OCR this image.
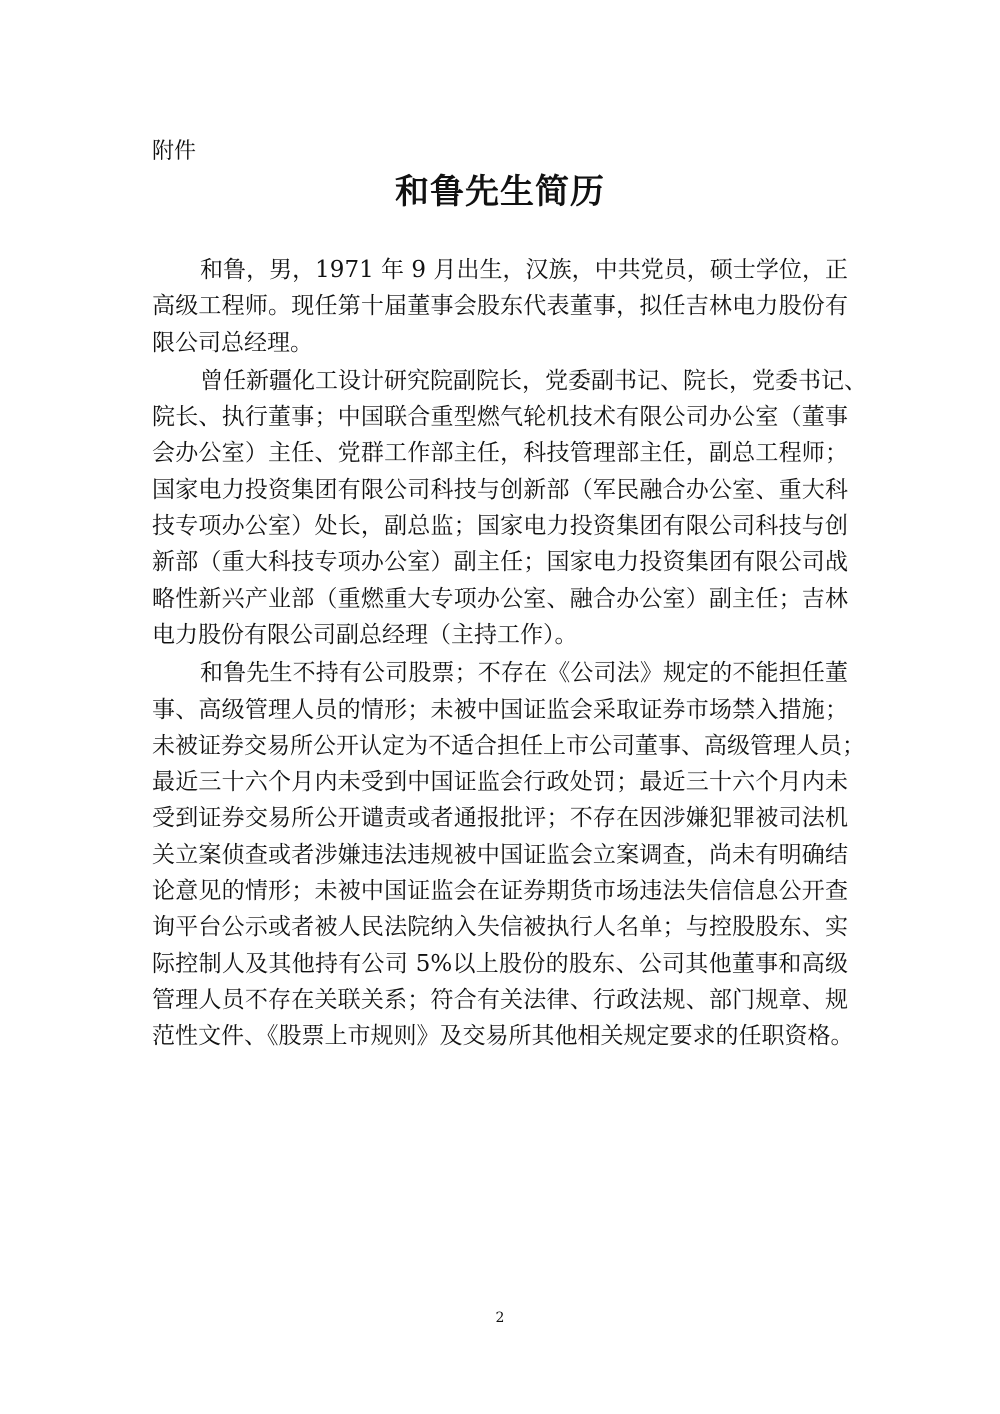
附件
和鲁先生简历
和鲁，男，1971 年 9 月出生，汉族，中共党员，硕士学位，正
高级工程师。现任第十届董事会股东代表董事，拟任吉林电力股份有
限公司总经理。
曾任新疆化工设计研究院副院长，党委副书记、院长，党委书记、
院长、执行董事；中国联合重型燃气轮机技术有限公司办公室（董事
会办公室）主任、党群工作部主任，科技管理部主任，副总工程师；
国家电力投资集团有限公司科技与创新部（军民融合办公室、重大科
技专项办公室）处长，副总监；国家电力投资集团有限公司科技与创
新部（重大科技专项办公室）副主任；国家电力投资集团有限公司战
略性新兴产业部（重燃重大专项办公室、融合办公室）副主任；吉林
电力股份有限公司副总经理（主持工作）。
和鲁先生不持有公司股票；不存在《公司法》规定的不能担任董
事、高级管理人员的情形；未被中国证监会采取证券市场禁入措施；
未被证券交易所公开认定为不适合担任上市公司董事、高级管理人员；
最近三十六个月内未受到中国证监会行政处罚；最近三十六个月内未
受到证券交易所公开谴责或者通报批评；不存在因涉嫌犯罪被司法机
关立案侦查或者涉嫌违法违规被中国证监会立案调查，尚未有明确结
论意见的情形；未被中国证监会在证券期货市场违法失信信息公开查
询平台公示或者被人民法院纳入失信被执行人名单；与控股股东、实
际控制人及其他持有公司 5%以上股份的股东、公司其他董事和高级
管理人员不存在关联关系；符合有关法律、行政法规、部门规章、规
范性文件、《股票上市规则》及交易所其他相关规定要求的任职资格。
2
